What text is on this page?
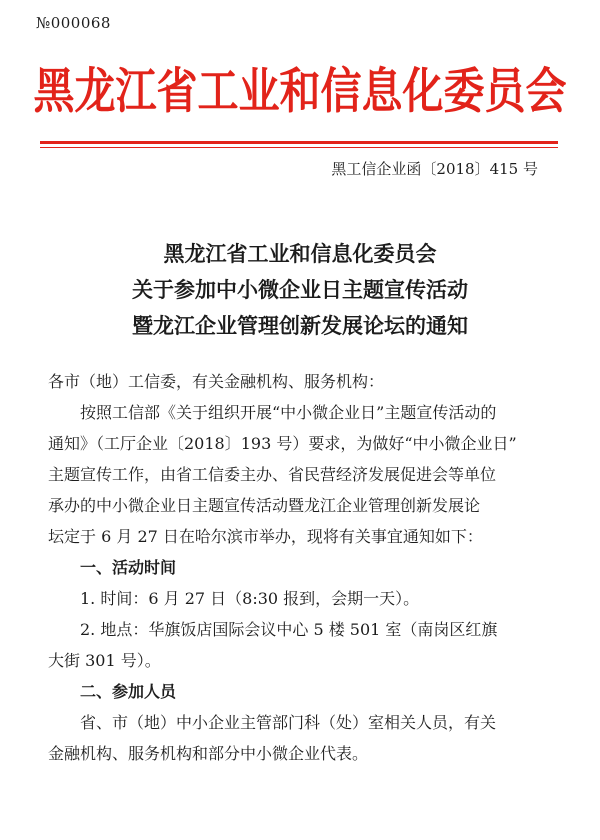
№000068
黑龙江省工业和信息化委员会
黑工信企业函〔2018〕415 号
黑龙江省工业和信息化委员会
关于参加中小微企业日主题宣传活动
暨龙江企业管理创新发展论坛的通知
各市（地）工信委，有关金融机构、服务机构：
按照工信部《关于组织开展“中小微企业日”主题宣传活动的
通知》（工厅企业〔2018〕193 号）要求，为做好“中小微企业日”
主题宣传工作，由省工信委主办、省民营经济发展促进会等单位
承办的中小微企业日主题宣传活动暨龙江企业管理创新发展论
坛定于 6 月 27 日在哈尔滨市举办，现将有关事宜通知如下：
一、活动时间
1. 时间：6 月 27 日（8:30 报到，会期一天）。
2. 地点：华旗饭店国际会议中心 5 楼 501 室（南岗区红旗
大街 301 号）。
二、参加人员
省、市（地）中小企业主管部门科（处）室相关人员，有关
金融机构、服务机构和部分中小微企业代表。
